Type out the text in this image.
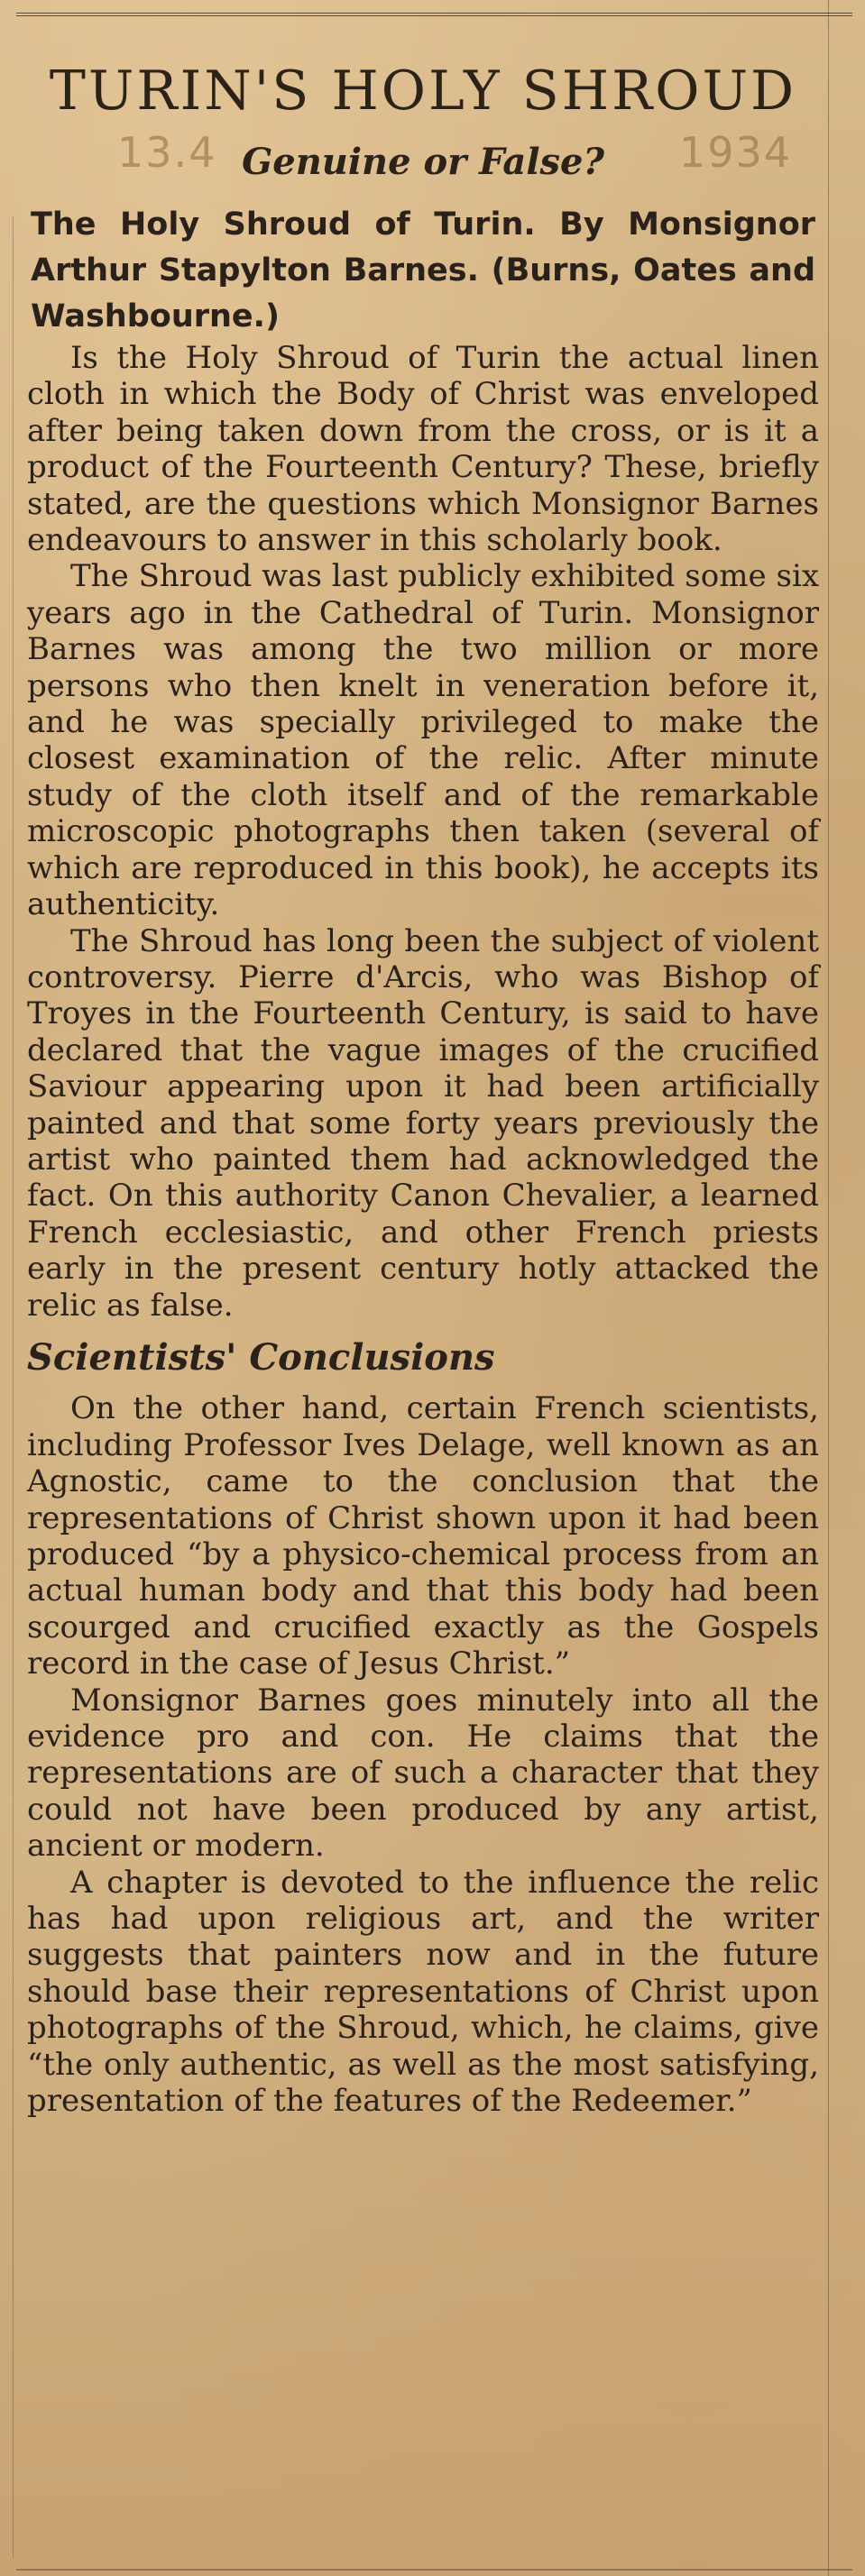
TURIN'S HOLY SHROUD
13.4 Genuine or False?	1934
The Holy Shroud of Turin. By Monsignor Arthur Stapylton Barnes. (Burns, Oates and Washbourne.)

Is the Holy Shroud of Turin the actual linen cloth in which the Body of Christ was enveloped after being taken down from the cross, or is it a product of the Fourteenth Century? These, briefly stated, are the questions which Monsignor Barnes endeavours to answer in this scholarly book.

The Shroud was last publicly exhibited some six years ago in the Cathedral of Turin. Monsignor Barnes was among the two million or more persons who then knelt in veneration before it, and he was specially privileged to make the closest examination of the relic. After minute study of the cloth itself and of the remarkable microscopic photographs then taken (several of which are reproduced in this book), he accepts its authenticity.

The Shroud has long been the subject of violent controversy. Pierre d'Arcis, who was Bishop of Troyes in the Fourteenth Century, is said to have declared that the vague images of the crucified Saviour appearing upon it had been artificially painted and that some forty years previously the artist who painted them had acknowledged the fact. On this authority Canon Chevalier, a learned French ecclesiastic, and other French priests early in the present century hotly attacked the relic as false.

Scientists' Conclusions

On the other hand, certain French scientists, including Professor Ives Delage, well known as an Agnostic, came to the conclusion that the representations of Christ shown upon it had been produced “by a physico-chemical process from an actual human body and that this body had been scourged and crucified exactly as the Gospels record in the case of Jesus Christ.”

Monsignor Barnes goes minutely into all the evidence pro and con. He claims that the representations are of such a character that they could not have been produced by any artist, ancient or modern.

A chapter is devoted to the influence the relic has had upon religious art, and the writer suggests that painters now and in the future should base their representations of Christ upon photographs of the Shroud, which, he claims, give “the only authentic, as well as the most satisfying, presentation of the features of the Redeemer.”
